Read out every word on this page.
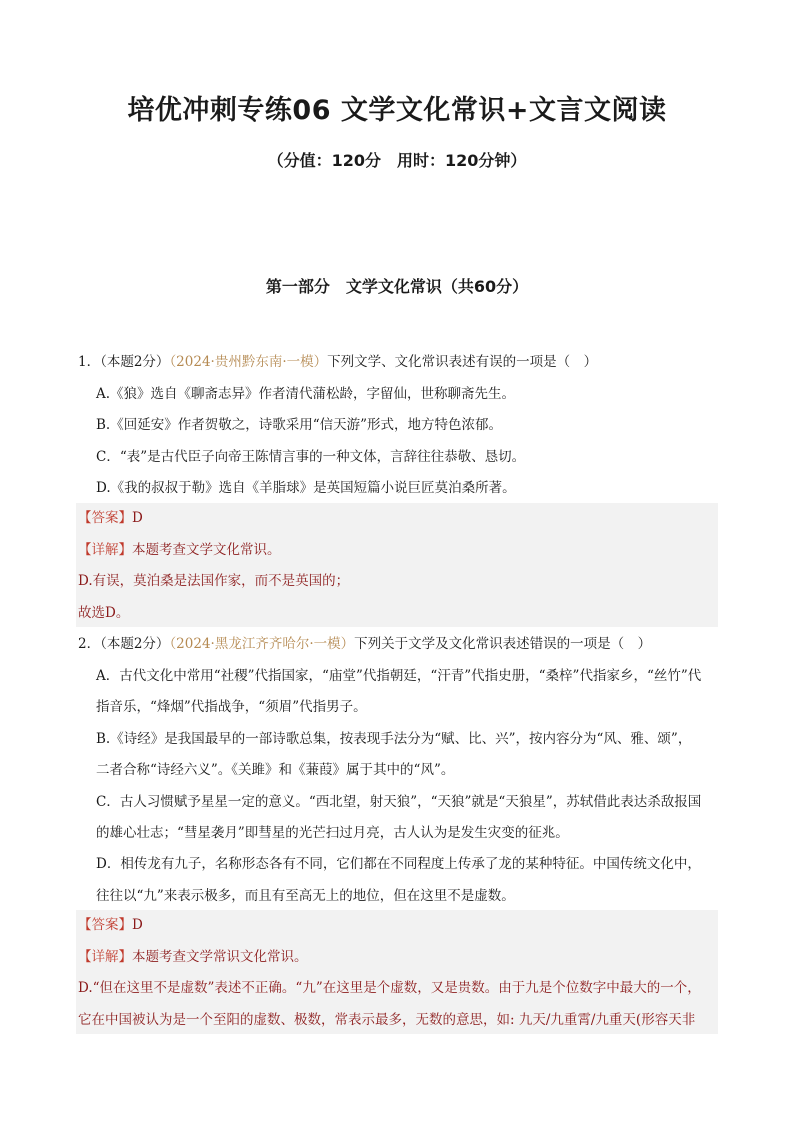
培优冲刺专练06 文学文化常识+文言文阅读
（分值：120分　用时：120分钟）
第一部分　文学文化常识（共60分）
1．（本题2分）（2024·贵州黔东南·一模）下列文学、文化常识表述有误的一项是（　）
A.《狼》选自《聊斋志异》作者清代蒲松龄，字留仙，世称聊斋先生。
B.《回延安》作者贺敬之，诗歌采用“信天游”形式，地方特色浓郁。
C．“表”是古代臣子向帝王陈情言事的一种文体，言辞往往恭敬、恳切。
D.《我的叔叔于勒》选自《羊脂球》是英国短篇小说巨匠莫泊桑所著。
【答案】D
【详解】本题考查文学文化常识。
D.有误，莫泊桑是法国作家，而不是英国的；
故选D。
2．（本题2分）（2024·黑龙江齐齐哈尔·一模）下列关于文学及文化常识表述错误的一项是（　）
A．古代文化中常用“社稷”代指国家，“庙堂”代指朝廷，“汗青”代指史册，“桑梓”代指家乡，“丝竹”代
指音乐，“烽烟”代指战争，“须眉”代指男子。
B.《诗经》是我国最早的一部诗歌总集，按表现手法分为“赋、比、兴”，按内容分为“风、雅、颂”，
二者合称“诗经六义”。《关雎》和《蒹葭》属于其中的“风”。
C．古人习惯赋予星星一定的意义。“西北望，射天狼”，“天狼”就是“天狼星”，苏轼借此表达杀敌报国
的雄心壮志；“彗星袭月”即彗星的光芒扫过月亮，古人认为是发生灾变的征兆。
D．相传龙有九子，名称形态各有不同，它们都在不同程度上传承了龙的某种特征。中国传统文化中，
往往以“九”来表示极多，而且有至高无上的地位，但在这里不是虚数。
【答案】D
【详解】本题考查文学常识文化常识。
D.“但在这里不是虚数”表述不正确。“九”在这里是个虚数，又是贵数。由于九是个位数字中最大的一个，
它在中国被认为是一个至阳的虚数、极数，常表示最多，无数的意思，如: 九天/九重霄/九重天(形容天非
